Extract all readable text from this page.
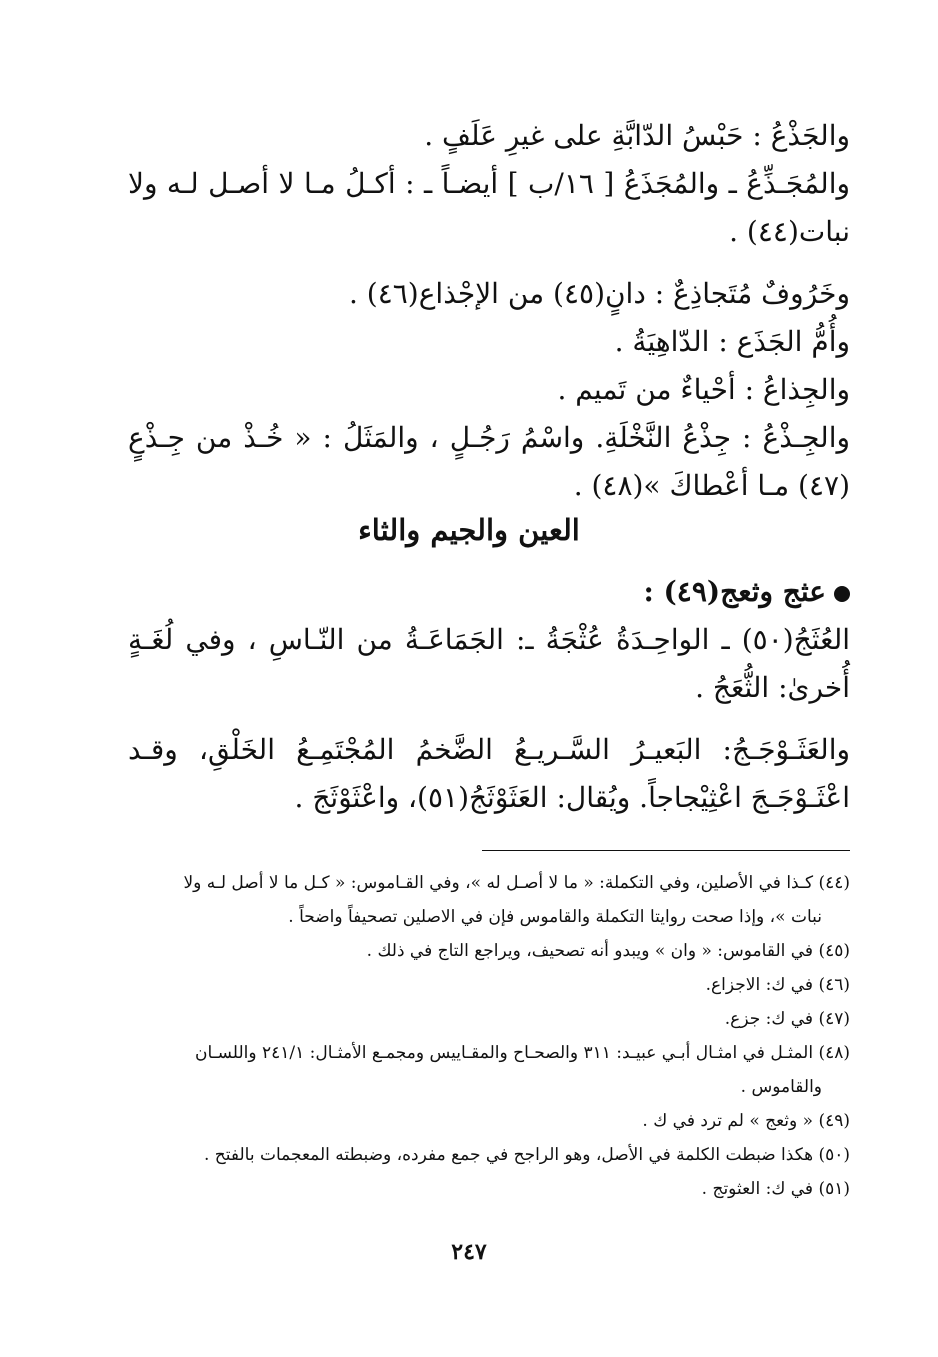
والجَذْعُ : حَبْسُ الدّابَّةِ على غيرِ عَلَفٍ .

والمُجَـذِّعُ ـ والمُجَذَعُ [ ١٦/ب ] أيضـاً ـ : أكـلُ مـا لا أصـل لـه ولا نبات(٤٤) .

وخَرُوفٌ مُتَجاذِعٌ : دانٍ(٤٥) من الإجْذاع(٤٦) .

وأُمُّ الجَذَع : الدّاهِيَةُ .

والجِذاعُ : أحْياءٌ من تَميم .

والجِـذْعُ : جِذْعُ النَّخْلَةِ. واسْمُ رَجُـلٍ ، والمَثَلُ : « خُـذْ من جِـذْعٍ (٤٧) مـا أعْطاكَ »(٤٨) .

العين والجيم والثاء

عثج وثعج(٤٩) :

العُثَجُ(٥٠) ـ الواحِـدَةُ عُثْجَةُ ـ: الجَمَاعَـةُ من النّـاسِ ، وفي لُغَـةٍ أُخرىٰ: الثُّعَجُ .

والعَثَـوْجَـجُ: البَعيـرُ السَّـريـعُ الضَّخمُ المُجْتَمِـعُ الخَلْقِ، وقـد اعْثَـوْجَـجَ اعْثِيْجاجاً. ويُقال: العَثَوْثَجُ(٥١)، واعْثَوْثَجَ .

(٤٤) كـذا في الأصلين، وفي التكملة: « ما لا أصـل له »، وفي القـاموس: « كـل ما لا أصل لـه ولا

نبات »، وإذا صحت روايتا التكملة والقاموس فإن في الاصلين تصحيفاً واضحاً .

(٤٥) في القاموس: « وان » ويبدو أنه تصحيف، ويراجع التاج في ذلك .

(٤٦) في ك: الاجزاع.

(٤٧) في ك: جزع.

(٤٨) المثـل في امثـال أبـي عبيـد: ٣١١ والصحـاح والمقـاييس ومجمـع الأمثـال: ٢٤١/١ واللسـان

والقاموس .

(٤٩) « وثعج » لم ترد في ك .

(٥٠) هكذا ضبطت الكلمة في الأصل، وهو الراجح في جمع مفرده، وضبطته المعجمات بالفتح .

(٥١) في ك: العثوتج .

٢٤٧
